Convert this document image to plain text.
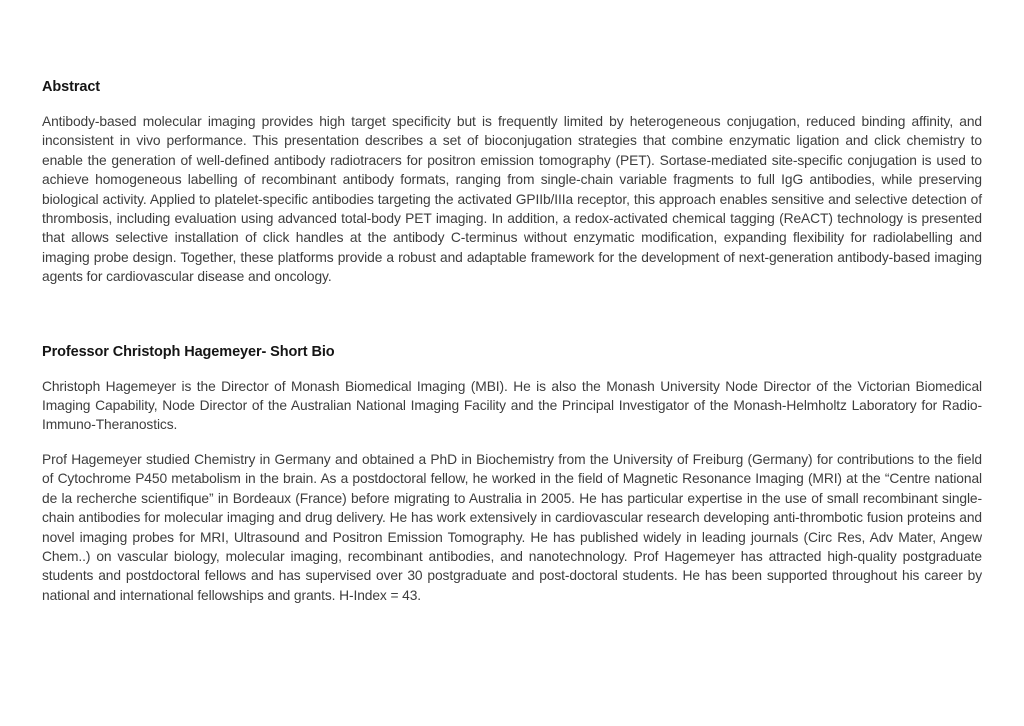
Abstract

Antibody-based molecular imaging provides high target specificity but is frequently limited by heterogeneous conjugation, reduced binding affinity, and inconsistent in vivo performance. This presentation describes a set of bioconjugation strategies that combine enzymatic ligation and click chemistry to enable the generation of well-defined antibody radiotracers for positron emission tomography (PET). Sortase-mediated site-specific conjugation is used to achieve homogeneous labelling of recombinant antibody formats, ranging from single-chain variable fragments to full IgG antibodies, while preserving biological activity. Applied to platelet-specific antibodies targeting the activated GPIIb/IIIa receptor, this approach enables sensitive and selective detection of thrombosis, including evaluation using advanced total-body PET imaging. In addition, a redox-activated chemical tagging (ReACT) technology is presented that allows selective installation of click handles at the antibody C-terminus without enzymatic modification, expanding flexibility for radiolabelling and imaging probe design. Together, these platforms provide a robust and adaptable framework for the development of next-generation antibody-based imaging agents for cardiovascular disease and oncology.

Professor Christoph Hagemeyer- Short Bio

Christoph Hagemeyer is the Director of Monash Biomedical Imaging (MBI). He is also the Monash University Node Director of the Victorian Biomedical Imaging Capability, Node Director of the Australian National Imaging Facility and the Principal Investigator of the Monash-Helmholtz Laboratory for Radio-Immuno-Theranostics.

Prof Hagemeyer studied Chemistry in Germany and obtained a PhD in Biochemistry from the University of Freiburg (Germany) for contributions to the field of Cytochrome P450 metabolism in the brain. As a postdoctoral fellow, he worked in the field of Magnetic Resonance Imaging (MRI) at the “Centre national de la recherche scientifique” in Bordeaux (France) before migrating to Australia in 2005. He has particular expertise in the use of small recombinant single-chain antibodies for molecular imaging and drug delivery. He has work extensively in cardiovascular research developing anti-thrombotic fusion proteins and novel imaging probes for MRI, Ultrasound and Positron Emission Tomography. He has published widely in leading journals (Circ Res, Adv Mater, Angew Chem..) on vascular biology, molecular imaging, recombinant antibodies, and nanotechnology. Prof Hagemeyer has attracted high-quality postgraduate students and postdoctoral fellows and has supervised over 30 postgraduate and post-doctoral students. He has been supported throughout his career by national and international fellowships and grants. H-Index = 43.
